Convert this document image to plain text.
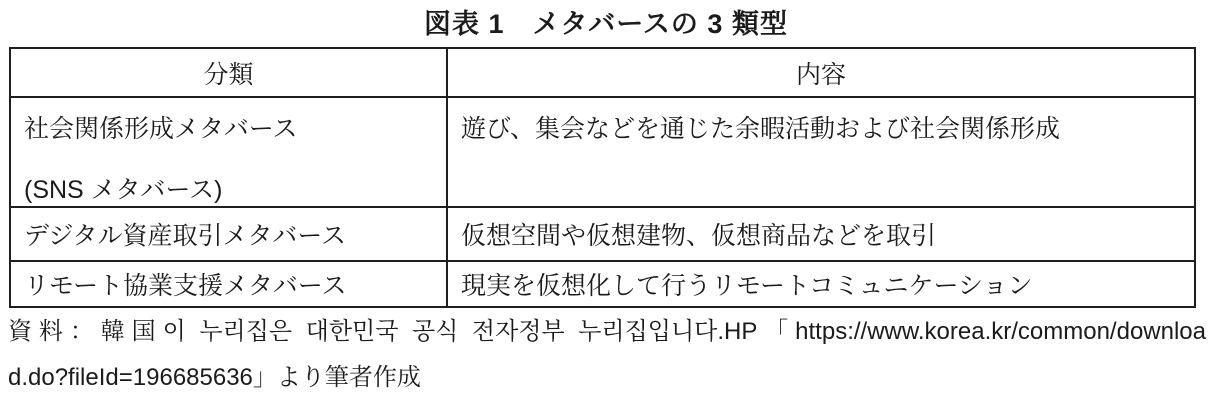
図表 1　メタバースの 3 類型
分類	内容

社会関係形成メタバース
(SNS メタバース)	遊び、集会などを通じた余暇活動および社会関係形成
デジタル資産取引メタバース	仮想空間や仮想建物、仮想商品などを取引
リモート協業支援メタバース	現実を仮想化して行うリモートコミュニケーション
資料：韓国이 누리집은 대한민국 공식 전자정부 누리집입니다.HP「https://www.korea.kr/common/downloa
d.do?fileId=196685636」より筆者作成
